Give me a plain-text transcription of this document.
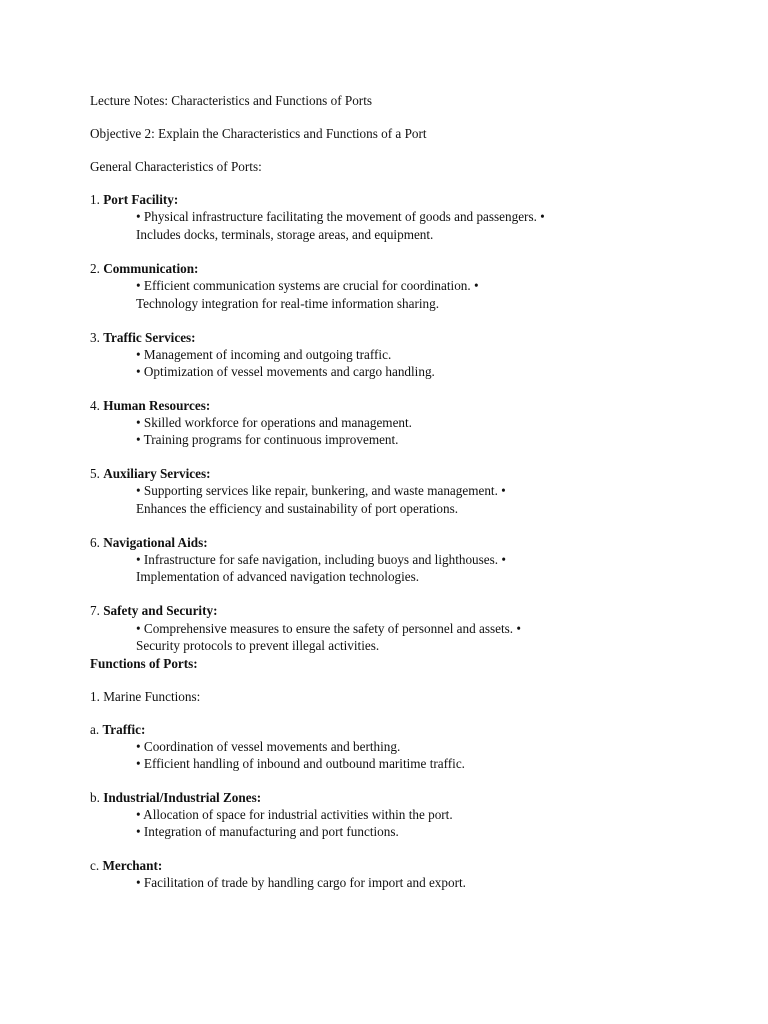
Lecture Notes: Characteristics and Functions of Ports
Objective 2: Explain the Characteristics and Functions of a Port
General Characteristics of Ports:
1. Port Facility:
• Physical infrastructure facilitating the movement of goods and passengers. •
Includes docks, terminals, storage areas, and equipment.
2. Communication:
• Efficient communication systems are crucial for coordination. •
Technology integration for real-time information sharing.
3. Traffic Services:
• Management of incoming and outgoing traffic.
• Optimization of vessel movements and cargo handling.
4. Human Resources:
• Skilled workforce for operations and management.
• Training programs for continuous improvement.
5. Auxiliary Services:
• Supporting services like repair, bunkering, and waste management. •
Enhances the efficiency and sustainability of port operations.
6. Navigational Aids:
• Infrastructure for safe navigation, including buoys and lighthouses. •
Implementation of advanced navigation technologies.
7. Safety and Security:
• Comprehensive measures to ensure the safety of personnel and assets. •
Security protocols to prevent illegal activities.
Functions of Ports:
1. Marine Functions:
a. Traffic:
• Coordination of vessel movements and berthing.
• Efficient handling of inbound and outbound maritime traffic.
b. Industrial/Industrial Zones:
• Allocation of space for industrial activities within the port.
• Integration of manufacturing and port functions.
c. Merchant:
• Facilitation of trade by handling cargo for import and export.
